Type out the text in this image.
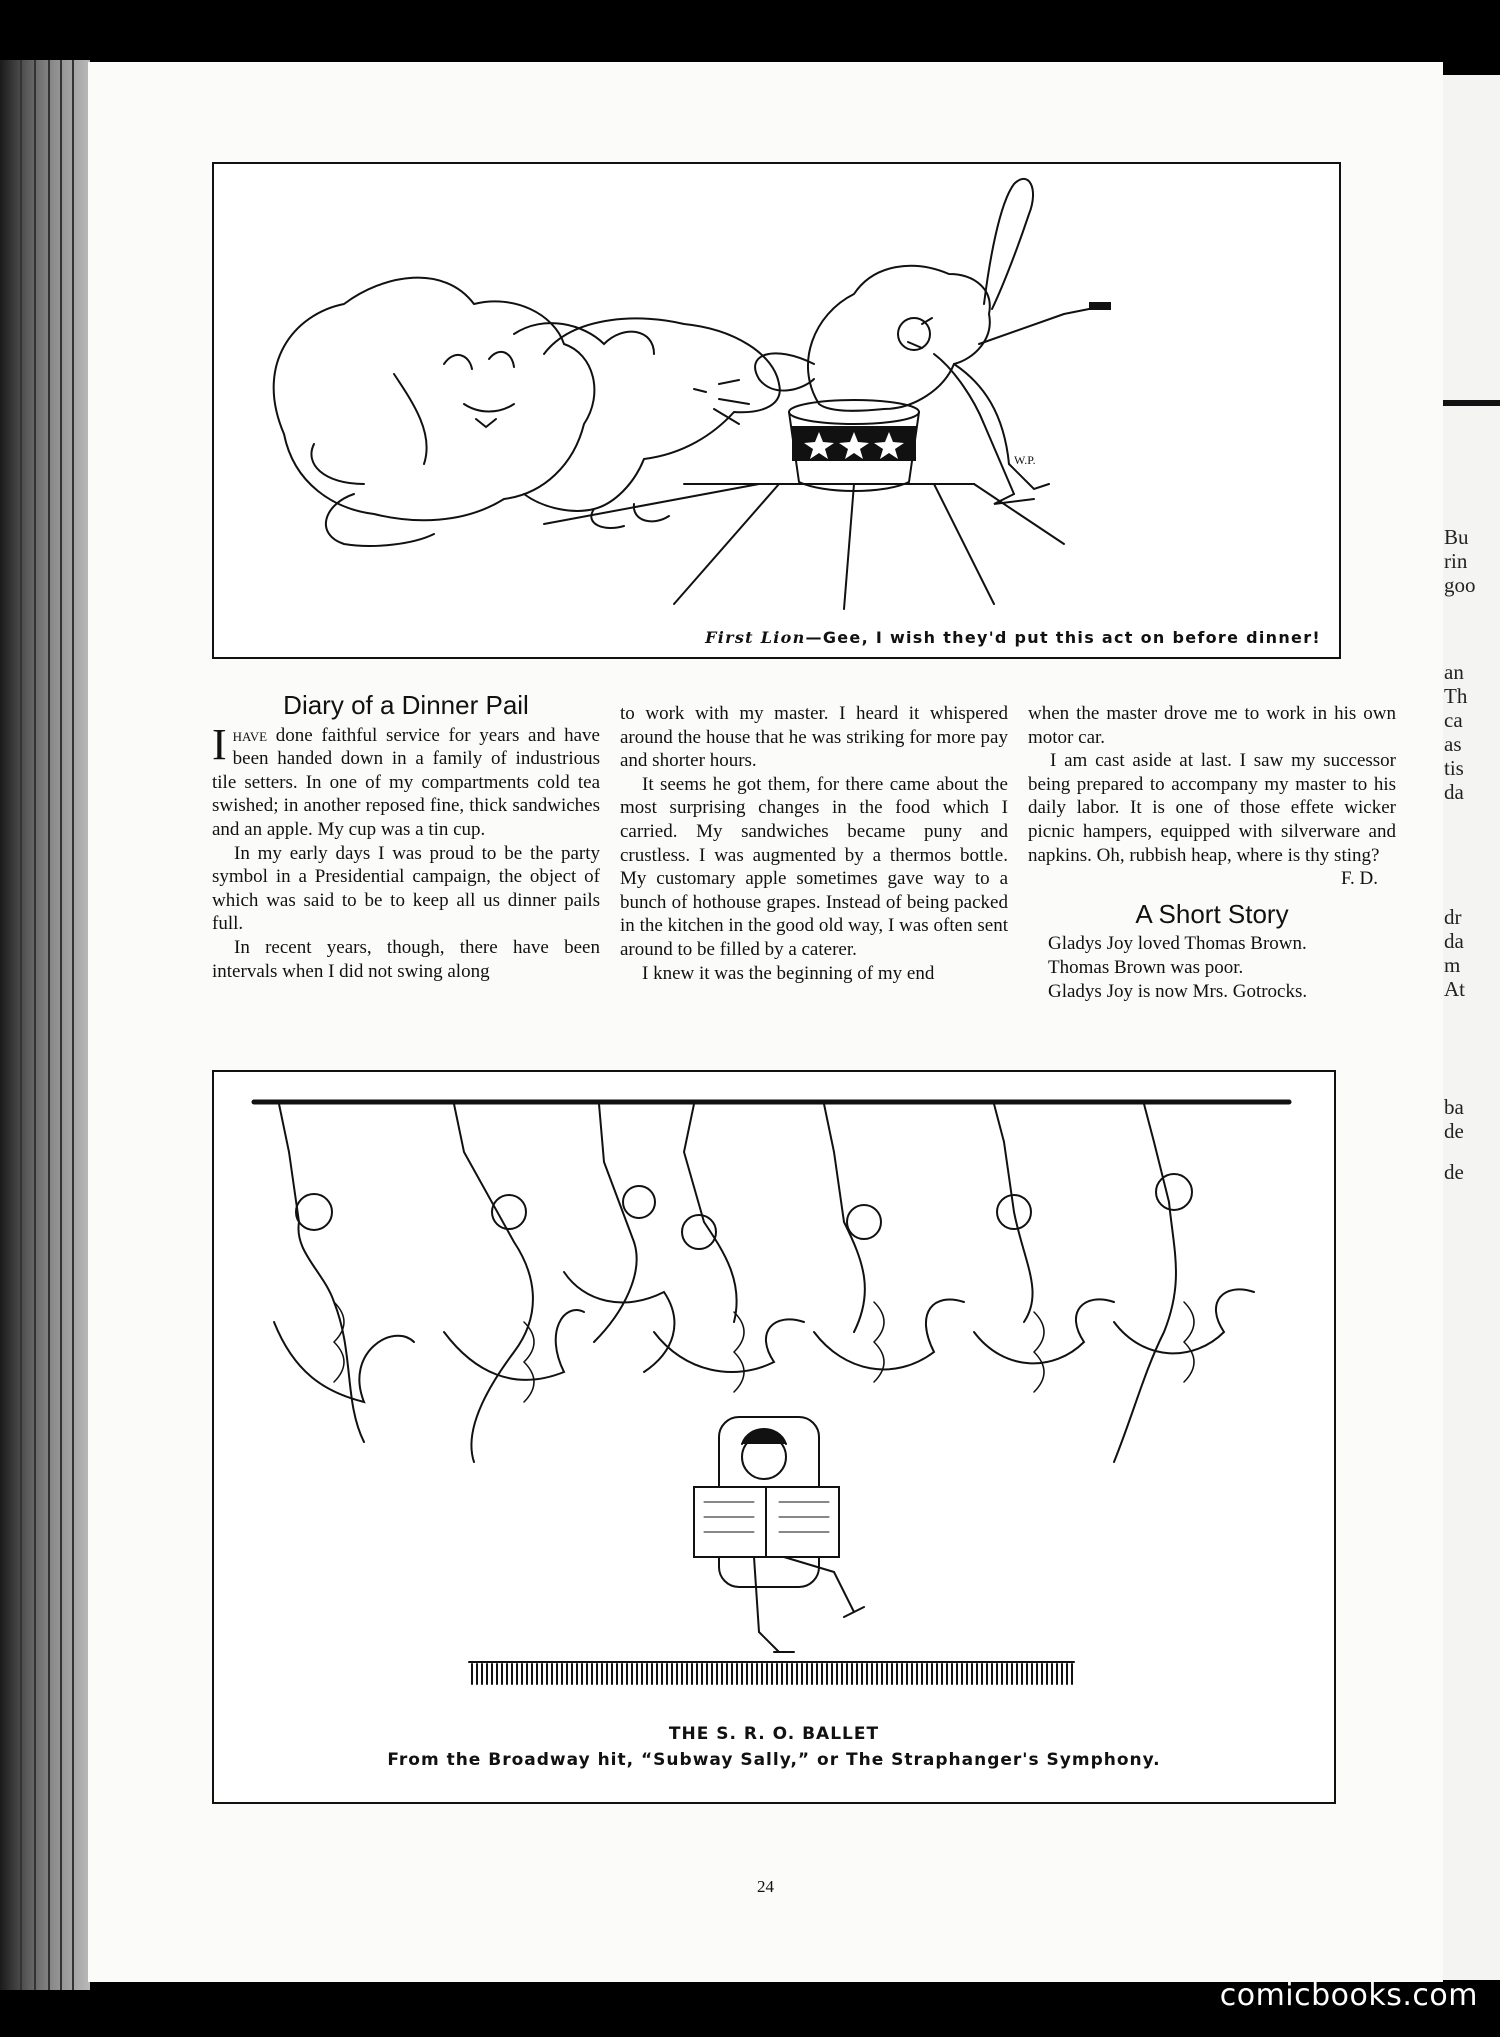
Bu
rin
goo
an
Th
ca
as
tis
da
dr
da
m
At
ba
de
de
W.P.
First Lion—Gee, I wish they'd put this act on before dinner!
Diary of a Dinner Pail

Ihave done faithful service for years and have been handed down in a family of industrious tile setters. In one of my compartments cold tea swished; in another reposed fine, thick sandwiches and an apple. My cup was a tin cup.

In my early days I was proud to be the party symbol in a Presidential campaign, the object of which was said to be to keep all us dinner pails full.

In recent years, though, there have been intervals when I did not swing along

to work with my master. I heard it whispered around the house that he was striking for more pay and shorter hours.

It seems he got them, for there came about the most surprising changes in the food which I carried. My sandwiches became puny and crustless. I was augmented by a thermos bottle. My customary apple sometimes gave way to a bunch of hothouse grapes. Instead of being packed in the kitchen in the good old way, I was often sent around to be filled by a caterer.

I knew it was the beginning of my end

when the master drove me to work in his own motor car.

I am cast aside at last. I saw my successor being prepared to accompany my master to his daily labor. It is one of those effete wicker picnic hampers, equipped with silverware and napkins. Oh, rubbish heap, where is thy sting?

F. D.
A Short Story

Gladys Joy loved Thomas Brown.

Thomas Brown was poor.

Gladys Joy is now Mrs. Gotrocks.

THE S. R. O. BALLET
From the Broadway hit, “Subway Sally,” or The Straphanger's Symphony.
24
comicbooks.com
